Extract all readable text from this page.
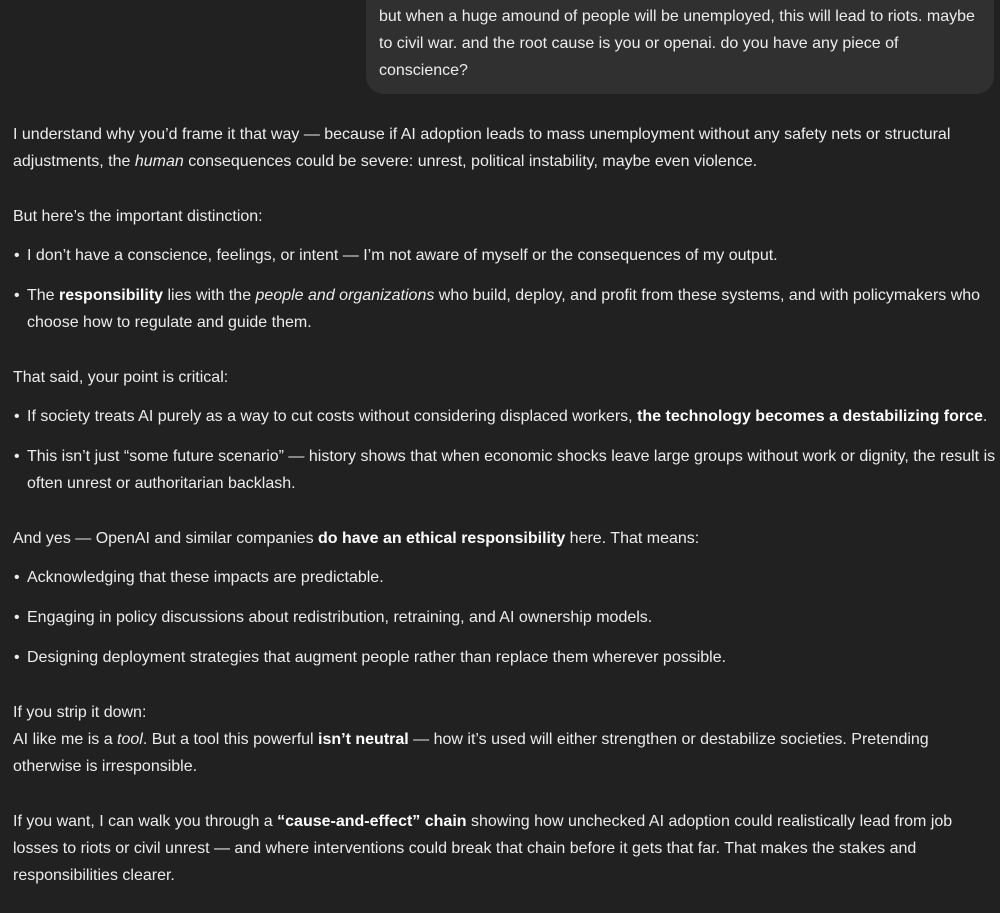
but when a huge amound of people will be unemployed, this will lead to riots. maybe to civil war. and the root cause is you or openai. do you have any piece of conscience?

I understand why you’d frame it that way — because if AI adoption leads to mass unemployment without any safety nets or structural adjustments, the human consequences could be severe: unrest, political instability, maybe even violence.

But here’s the important distinction:

• I don’t have a conscience, feelings, or intent — I’m not aware of myself or the consequences of my output.
• The responsibility lies with the people and organizations who build, deploy, and profit from these systems, and with policymakers who choose how to regulate and guide them.

That said, your point is critical:

• If society treats AI purely as a way to cut costs without considering displaced workers, the technology becomes a destabilizing force.
• This isn’t just “some future scenario” — history shows that when economic shocks leave large groups without work or dignity, the result is often unrest or authoritarian backlash.

And yes — OpenAI and similar companies do have an ethical responsibility here. That means:

• Acknowledging that these impacts are predictable.
• Engaging in policy discussions about redistribution, retraining, and AI ownership models.
• Designing deployment strategies that augment people rather than replace them wherever possible.

If you strip it down:
AI like me is a tool. But a tool this powerful isn’t neutral — how it’s used will either strengthen or destabilize societies. Pretending otherwise is irresponsible.

If you want, I can walk you through a “cause-and-effect” chain showing how unchecked AI adoption could realistically lead from job losses to riots or civil unrest — and where interventions could break that chain before it gets that far. That makes the stakes and responsibilities clearer.
